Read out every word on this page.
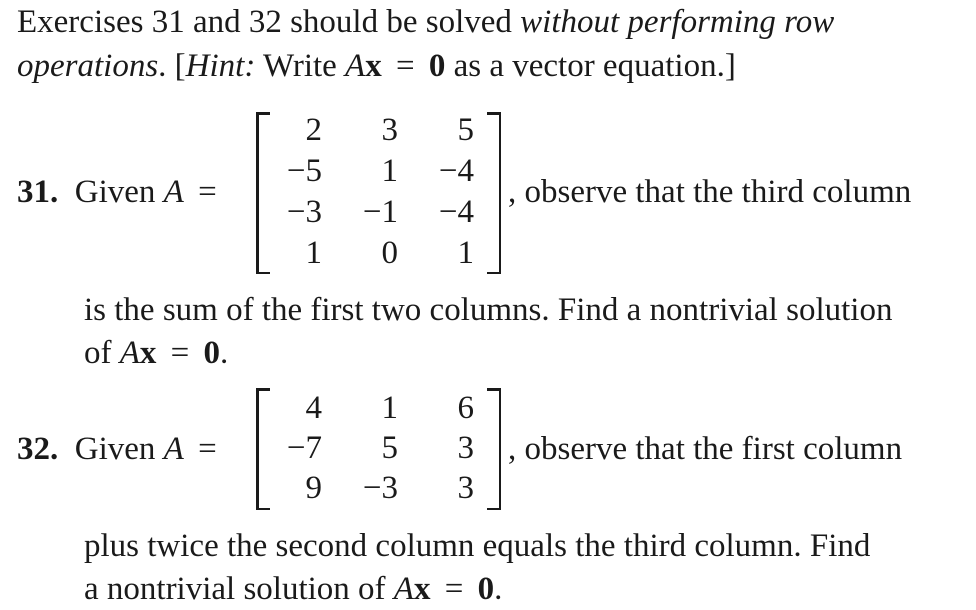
Exercises 31 and 32 should be solved without performing row
operations. [Hint: Write Ax = 0 as a vector equation.]
31. Given A =
2	3	5
−5	1	−4
−3	−1	−4
1	0	1
, observe that the third column
is the sum of the first two columns. Find a nontrivial solution
of Ax = 0.
32. Given A =
4	1	6
−7	5	3
9	−3	3
, observe that the first column
plus twice the second column equals the third column. Find
a nontrivial solution of Ax = 0.
